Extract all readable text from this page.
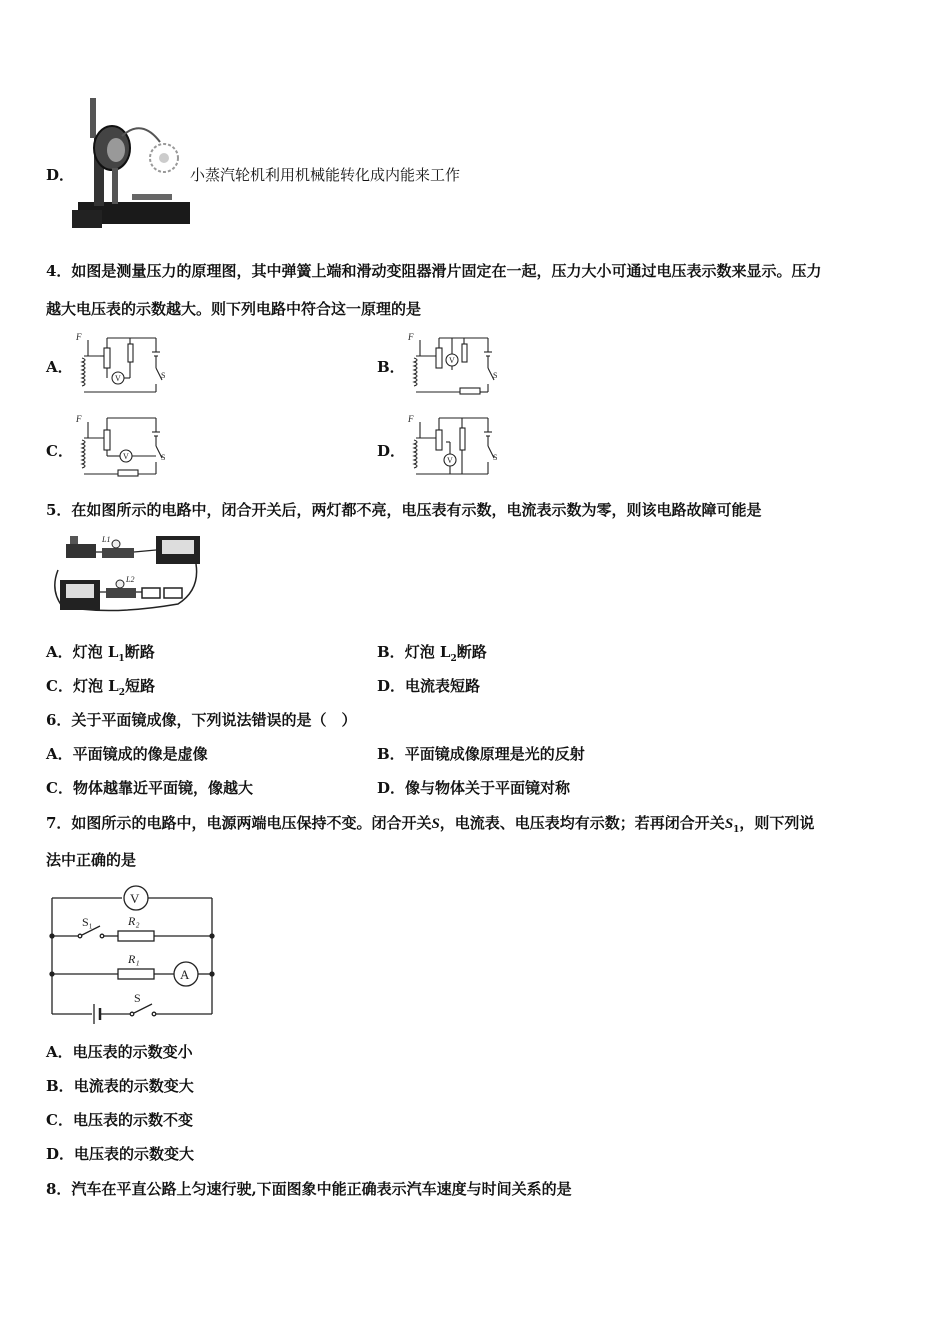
D．	小蒸汽轮机利用机械能转化成内能来工作
4．如图是测量压力的原理图，其中弹簧上端和滑动变阻器滑片固定在一起，压力大小可通过电压表示数来显示。压力
越大电压表的示数越大。则下列电路中符合这一原理的是
A．
F
V	S	B．
F
V
S
C．
F
V	S	D．
F
V	S
5．在如图所示的电路中，闭合开关后，两灯都不亮，电压表有示数，电流表示数为零，则该电路故障可能是
L1
L2
A．灯泡 $L_1$断路	B．灯泡 $L_2$断路
C．灯泡 $L_2$短路	D．电流表短路
6．关于平面镜成像，下列说法错误的是（　）
A．平面镜成的像是虚像	B．平面镜成像原理是光的反射
C．物体越靠近平面镜，像越大	D．像与物体关于平面镜对称
7．如图所示的电路中，电源两端电压保持不变。闭合开关S，电流表、电压表均有示数；若再闭合开关$S_1$，则下列说
法中正确的是
V
S₁	R₂
A
R₁
S
A．电压表的示数变小
B．电流表的示数变大
C．电压表的示数不变
D．电压表的示数变大
8．汽车在平直公路上匀速行驶,下面图象中能正确表示汽车速度与时间关系的是
